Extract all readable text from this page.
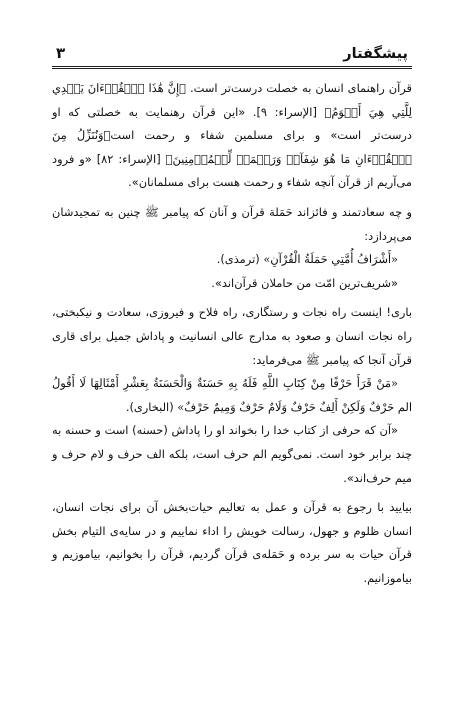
پیشگفتار
۳

قرآن راهنمای انسان به خصلت درست‌تر است. ﴿إِنَّ هَٰذَا ٱلۡقُرۡءَانَ يَهۡدِي لِلَّتِي هِيَ أَقۡوَمُ﴾ [الإسراء: ۹]. «این قرآن رهنمایت به خصلتی که او درست‌تر است» و برای مسلمین شفاء و رحمت است﴿وَنُنَزِّلُ مِنَ ٱلۡقُرۡءَانِ مَا هُوَ شِفَآءٞ وَرَحۡمَةٞ لِّلۡمُؤۡمِنِينَ﴾ [الإسراء: ۸۲] «و فرود می‌آریم از قرآن آنچه شفاء و رحمت هست برای مسلمانان».

و چه سعادتمند و فائزاند حَمَلة قرآن و آنان که پیامبر ﷺ چنین به تمجیدشان می‌پردازد:

«أَشْرَافُ أُمَّتِي حَمَلَةُ الْقُرْآنِ» (ترمذی).

«شریف‌ترین امّت من حاملان قرآن‌اند».

باری! اینست راه نجات و رستگاری، راه فلاح و فیروزی، سعادت و نیکبختی، راه نجات انسان و صعود به مدارج عالی انسانیت و پاداش جمیل برای قاری قرآن آنجا که پیامبر ﷺ می‌فرماید:

«مَنْ قَرَأَ حَرْفًا مِنْ كِتَابِ اللَّهِ فَلَهُ بِهِ حَسَنَةٌ وَالْحَسَنَةُ بِعَشْرِ أَمْثَالِهَا لَا أَقُولُ الم حَرْفٌ وَلَكِنْ أَلِفٌ حَرْفٌ وَلَامٌ حَرْفٌ وَمِيمٌ حَرْفٌ» (البخاری).

«آن که حرفی از کتاب خدا را بخواند او را پاداش (حسنه) است و حسنه به چند برابر خود است. نمی‌گویم الم حرف است، بلکه الف حرف و لام حرف و میم حرف‌اند».

بیایید با رجوع به قرآن و عمل به تعالیم حیات‌بخش آن برای نجات انسان، انسان ظلوم و جهول، رسالت خویش را اداء نماییم و در سایه‌ی التیام بخش قرآن حیات به سر برده و حَمَله‌ی قرآن گردیم، قرآن را بخوانیم، بیاموزیم و بیاموزانیم.
